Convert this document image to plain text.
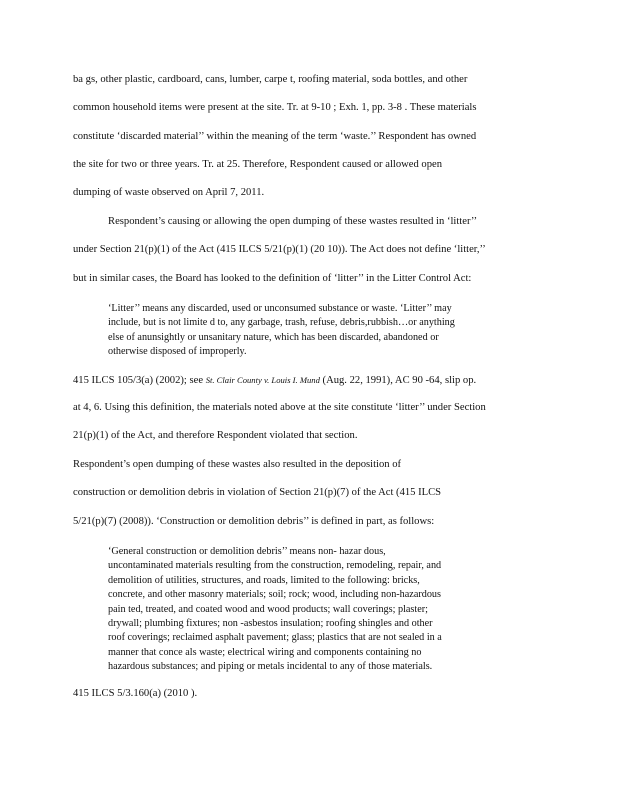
ba gs, other plastic, cardboard, cans, lumber, carpe t, roofing material, soda bottles, and other
common household items were present at the site. Tr. at 9-10 ; Exh. 1, pp. 3-8 . These materials
constitute ‘discarded material’’ within the meaning of the term ‘waste.’’ Respondent has owned
the site for two or three years. Tr. at 25. Therefore, Respondent caused or allowed open
dumping of waste observed on April 7, 2011.
Respondent’s causing or allowing the open dumping of these wastes resulted in ‘litter’’
under Section 21(p)(1) of the Act (415 ILCS 5/21(p)(1) (20 10)). The Act does not define ‘litter,’’
but in similar cases, the Board has looked to the definition of ‘litter’’ in the Litter Control Act:
‘Litter’’ means any discarded, used or unconsumed substance or waste. ‘Litter’’ may
include, but is not limite d to, any garbage, trash, refuse, debris,rubbish…or anything
else of anunsightly or unsanitary nature, which has been discarded, abandoned or
otherwise disposed of improperly.
415 ILCS 105/3(a) (2002); see St. Clair County v. Louis I. Mund (Aug. 22, 1991), AC 90 -64, slip op.
at 4, 6. Using this definition, the materials noted above at the site constitute ‘litter’’ under Section
21(p)(1) of the Act, and therefore Respondent violated that section.
Respondent’s open dumping of these wastes also resulted in the deposition of
construction or demolition debris in violation of Section 21(p)(7) of the Act (415 ILCS
5/21(p)(7) (2008)). ‘Construction or demolition debris’’ is defined in part, as follows:
‘General construction or demolition debris’’ means non- hazar dous,
uncontaminated materials resulting from the construction, remodeling, repair, and
demolition of utilities, structures, and roads, limited to the following: bricks,
concrete, and other masonry materials; soil; rock; wood, including non-hazardous
pain ted, treated, and coated wood and wood products; wall coverings; plaster;
drywall; plumbing fixtures; non -asbestos insulation; roofing shingles and other
roof coverings; reclaimed asphalt pavement; glass; plastics that are not sealed in a
manner that conce als waste; electrical wiring and components containing no
hazardous substances; and piping or metals incidental to any of those materials.
415 ILCS 5/3.160(a) (2010 ).
